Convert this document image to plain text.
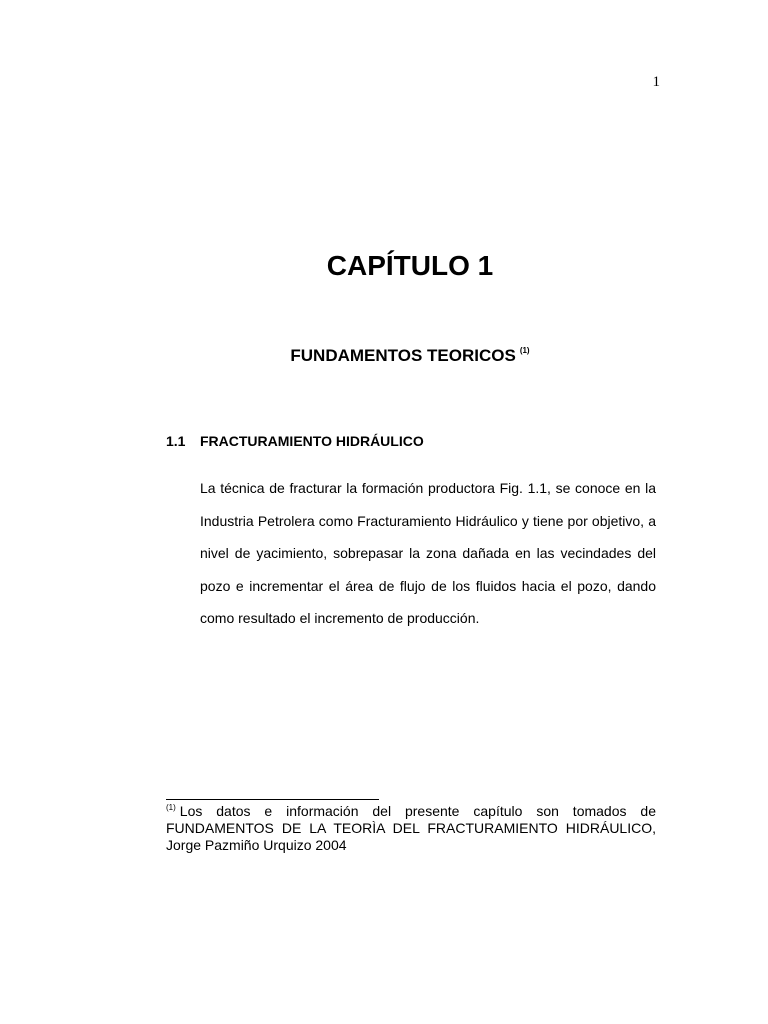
1
CAPÍTULO 1
FUNDAMENTOS TEORICOS $^{(1)}$
1.1 FRACTURAMIENTO HIDRÁULICO

La técnica de fracturar la formación productora Fig. 1.1, se conoce en la Industria Petrolera como Fracturamiento Hidráulico y tiene por objetivo, a nivel de yacimiento, sobrepasar la zona dañada en las vecindades del pozo e incrementar el área de flujo de los fluidos hacia el pozo, dando como resultado el incremento de producción.

$^{(1)}$ Los datos e información del presente capítulo son tomados de
FUNDAMENTOS DE LA TEORÌA DEL FRACTURAMIENTO HIDRÁULICO,
Jorge Pazmiño Urquizo 2004
